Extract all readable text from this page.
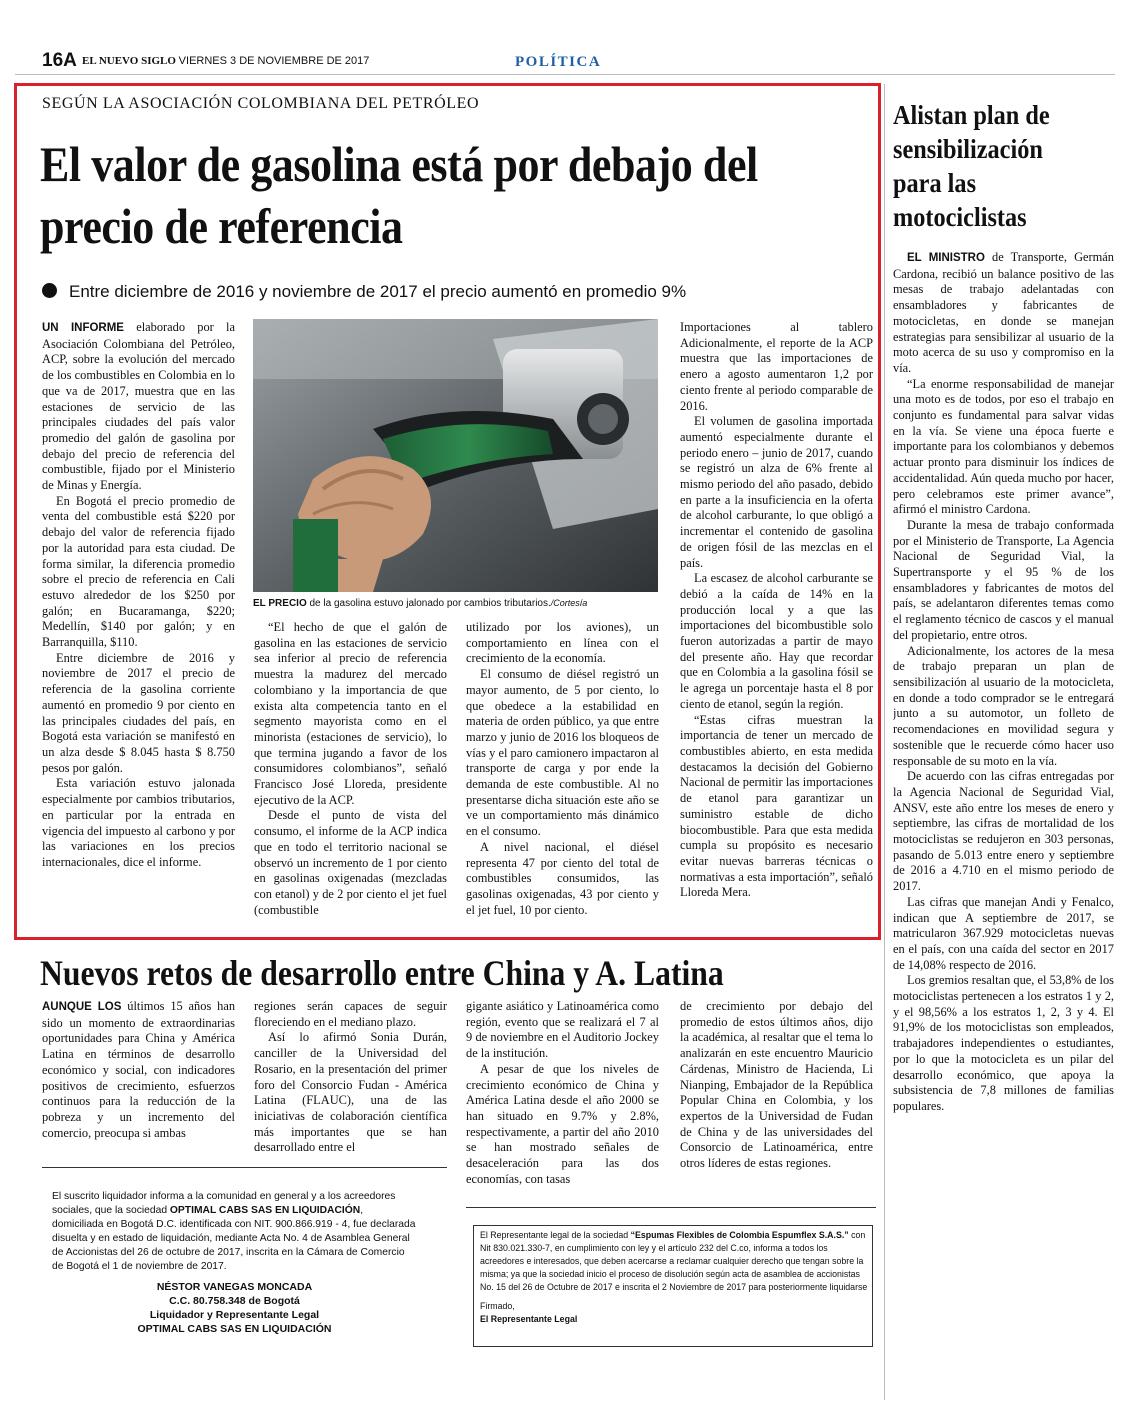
16A EL NUEVO SIGLO VIERNES 3 DE NOVIEMBRE DE 2017	POLÍTICA
SEGÚN LA ASOCIACIÓN COLOMBIANA DEL PETRÓLEO
El valor de gasolina está por debajo del precio de referencia
Entre diciembre de 2016 y noviembre de 2017 el precio aumentó en promedio 9%

UN INFORME elaborado por la Asociación Colombiana del Petróleo, ACP, sobre la evolución del mercado de los combustibles en Colombia en lo que va de 2017, muestra que en las estaciones de servicio de las principales ciudades del país valor promedio del galón de gasolina por debajo del precio de referencia del combustible, fijado por el Ministerio de Minas y Energía.

En Bogotá el precio promedio de venta del combustible está $220 por debajo del valor de referencia fijado por la autoridad para esta ciudad. De forma similar, la diferencia promedio sobre el precio de referencia en Cali estuvo alrededor de los $250 por galón; en Bucaramanga, $220; Medellín, $140 por galón; y en Barranquilla, $110.

Entre diciembre de 2016 y noviembre de 2017 el precio de referencia de la gasolina corriente aumentó en promedio 9 por ciento en las principales ciudades del país, en Bogotá esta variación se manifestó en un alza desde $ 8.045 hasta $ 8.750 pesos por galón.

Esta variación estuvo jalonada especialmente por cambios tributarios, en particular por la entrada en vigencia del impuesto al carbono y por las variaciones en los precios internacionales, dice el informe.

EL PRECIO de la gasolina estuvo jalonado por cambios tributarios./Cortesía

“El hecho de que el galón de gasolina en las estaciones de servicio sea inferior al precio de referencia muestra la madurez del mercado colombiano y la importancia de que exista alta competencia tanto en el segmento mayorista como en el minorista (estaciones de servicio), lo que termina jugando a favor de los consumidores colombianos”, señaló Francisco José Lloreda, presidente ejecutivo de la ACP.

Desde el punto de vista del consumo, el informe de la ACP indica que en todo el territorio nacional se observó un incremento de 1 por ciento en gasolinas oxigenadas (mezcladas con etanol) y de 2 por ciento el jet fuel (combustible

utilizado por los aviones), un comportamiento en línea con el crecimiento de la economía.

El consumo de diésel registró un mayor aumento, de 5 por ciento, lo que obedece a la estabilidad en materia de orden público, ya que entre marzo y junio de 2016 los bloqueos de vías y el paro camionero impactaron al transporte de carga y por ende la demanda de este combustible. Al no presentarse dicha situación este año se ve un comportamiento más dinámico en el consumo.

A nivel nacional, el diésel representa 47 por ciento del total de combustibles consumidos, las gasolinas oxigenadas, 43 por ciento y el jet fuel, 10 por ciento.

Importaciones al tablero Adicionalmente, el reporte de la ACP muestra que las importaciones de enero a agosto aumentaron 1,2 por ciento frente al periodo comparable de 2016.

El volumen de gasolina importada aumentó especialmente durante el periodo enero – junio de 2017, cuando se registró un alza de 6% frente al mismo periodo del año pasado, debido en parte a la insuficiencia en la oferta de alcohol carburante, lo que obligó a incrementar el contenido de gasolina de origen fósil de las mezclas en el país.

La escasez de alcohol carburante se debió a la caída de 14% en la producción local y a que las importaciones del bicombustible solo fueron autorizadas a partir de mayo del presente año. Hay que recordar que en Colombia a la gasolina fósil se le agrega un porcentaje hasta el 8 por ciento de etanol, según la región.

“Estas cifras muestran la importancia de tener un mercado de combustibles abierto, en esta medida destacamos la decisión del Gobierno Nacional de permitir las importaciones de etanol para garantizar un suministro estable de dicho biocombustible. Para que esta medida cumpla su propósito es necesario evitar nuevas barreras técnicas o normativas a esta importación”, señaló Lloreda Mera.

Alistan plan de sensibilización para las motociclistas

EL MINISTRO de Transporte, Germán Cardona, recibió un balance positivo de las mesas de trabajo adelantadas con ensambladores y fabricantes de motocicletas, en donde se manejan estrategias para sensibilizar al usuario de la moto acerca de su uso y compromiso en la vía.

“La enorme responsabilidad de manejar una moto es de todos, por eso el trabajo en conjunto es fundamental para salvar vidas en la vía. Se viene una época fuerte e importante para los colombianos y debemos actuar pronto para disminuir los índices de accidentalidad. Aún queda mucho por hacer, pero celebramos este primer avance”, afirmó el ministro Cardona.

Durante la mesa de trabajo conformada por el Ministerio de Transporte, La Agencia Nacional de Seguridad Vial, la Supertransporte y el 95 % de los ensambladores y fabricantes de motos del país, se adelantaron diferentes temas como el reglamento técnico de cascos y el manual del propietario, entre otros.

Adicionalmente, los actores de la mesa de trabajo preparan un plan de sensibilización al usuario de la motocicleta, en donde a todo comprador se le entregará junto a su automotor, un folleto de recomendaciones en movilidad segura y sostenible que le recuerde cómo hacer uso responsable de su moto en la vía.

De acuerdo con las cifras entregadas por la Agencia Nacional de Seguridad Vial, ANSV, este año entre los meses de enero y septiembre, las cifras de mortalidad de los motociclistas se redujeron en 303 personas, pasando de 5.013 entre enero y septiembre de 2016 a 4.710 en el mismo periodo de 2017.

Las cifras que manejan Andi y Fenalco, indican que A septiembre de 2017, se matricularon 367.929 motocicletas nuevas en el país, con una caída del sector en 2017 de 14,08% respecto de 2016.

Los gremios resaltan que, el 53,8% de los motociclistas pertenecen a los estratos 1 y 2, y el 98,56% a los estratos 1, 2, 3 y 4. El 91,9% de los motociclistas son empleados, trabajadores independientes o estudiantes, por lo que la motocicleta es un pilar del desarrollo económico, que apoya la subsistencia de 7,8 millones de familias populares.

Nuevos retos de desarrollo entre China y A. Latina

AUNQUE LOS últimos 15 años han sido un momento de extraordinarias oportunidades para China y América Latina en términos de desarrollo económico y social, con indicadores positivos de crecimiento, esfuerzos continuos para la reducción de la pobreza y un incremento del comercio, preocupa si ambas

regiones serán capaces de seguir floreciendo en el mediano plazo.

Así lo afirmó Sonia Durán, canciller de la Universidad del Rosario, en la presentación del primer foro del Consorcio Fudan - América Latina (FLAUC), una de las iniciativas de colaboración científica más importantes que se han desarrollado entre el

gigante asiático y Latinoamérica como región, evento que se realizará el 7 al 9 de noviembre en el Auditorio Jockey de la institución.

A pesar de que los niveles de crecimiento económico de China y América Latina desde el año 2000 se han situado en 9.7% y 2.8%, respectivamente, a partir del año 2010 se han mostrado señales de desaceleración para las dos economías, con tasas

de crecimiento por debajo del promedio de estos últimos años, dijo la académica, al resaltar que el tema lo analizarán en este encuentro Mauricio Cárdenas, Ministro de Hacienda, Li Nianping, Embajador de la República Popular China en Colombia, y los expertos de la Universidad de Fudan de China y de las universidades del Consorcio de Latinoamérica, entre otros líderes de estas regiones.

El suscrito liquidador informa a la comunidad en general y a los acreedores sociales, que la sociedad OPTIMAL CABS SAS EN LIQUIDACIÓN, domiciliada en Bogotá D.C. identificada con NIT. 900.866.919 - 4, fue declarada disuelta y en estado de liquidación, mediante Acta No. 4 de Asamblea General de Accionistas del 26 de octubre de 2017, inscrita en la Cámara de Comercio de Bogotá el 1 de noviembre de 2017.

NÉSTOR VANEGAS MONCADA
C.C. 80.758.348 de Bogotá
Liquidador y Representante Legal
OPTIMAL CABS SAS EN LIQUIDACIÓN

El Representante legal de la sociedad “Espumas Flexibles de Colombia Espumflex S.A.S.” con Nit 830.021.330-7, en cumplimiento con ley y el artículo 232 del C.co, informa a todos los acreedores e interesados, que deben acercarse a reclamar cualquier derecho que tengan sobre la misma; ya que la sociedad inicio el proceso de disolución según acta de asamblea de accionistas No. 15 del 26 de Octubre de 2017 e inscrita el 2 Noviembre de 2017 para posteriormente liquidarse

Firmado,

El Representante Legal
